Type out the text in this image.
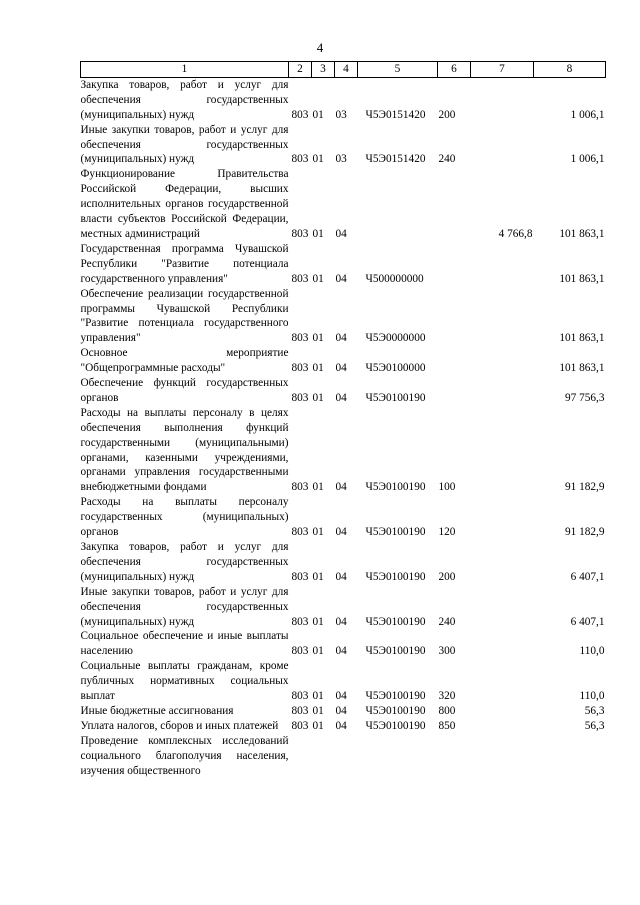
4
1	2	3	4	5	6	7	8
Закупка товаров, работ и услуг для обеспечения государственных (муниципальных) нужд	803	01	03	Ч5Э0151420	200		1 006,1
Иные закупки товаров, работ и услуг для обеспечения государственных (муниципальных) нужд	803	01	03	Ч5Э0151420	240		1 006,1
Функционирование Правительства Российской Федерации, высших исполнительных органов государственной власти субъектов Российской Федерации, местных администраций	803	01	04			4 766,8	101 863,1
Государственная программа Чувашской Республики "Развитие потенциала государственного управления"	803	01	04	Ч500000000			101 863,1
Обеспечение реализации государственной программы Чувашской Республики "Развитие потенциала государственного управления"	803	01	04	Ч5Э0000000			101 863,1
Основное мероприятие "Общепрограммные расходы"	803	01	04	Ч5Э0100000			101 863,1
Обеспечение функций государственных органов	803	01	04	Ч5Э0100190			97 756,3
Расходы на выплаты персоналу в целях обеспечения выполнения функций государственными (муниципальными) органами, казенными учреждениями, органами управления государственными внебюджетными фондами	803	01	04	Ч5Э0100190	100		91 182,9
Расходы на выплаты персоналу государственных (муниципальных) органов	803	01	04	Ч5Э0100190	120		91 182,9
Закупка товаров, работ и услуг для обеспечения государственных (муниципальных) нужд	803	01	04	Ч5Э0100190	200		6 407,1
Иные закупки товаров, работ и услуг для обеспечения государственных (муниципальных) нужд	803	01	04	Ч5Э0100190	240		6 407,1
Социальное обеспечение и иные выплаты населению	803	01	04	Ч5Э0100190	300		110,0
Социальные выплаты гражданам, кроме публичных нормативных социальных выплат	803	01	04	Ч5Э0100190	320		110,0
Иные бюджетные ассигнования	803	01	04	Ч5Э0100190	800		56,3
Уплата налогов, сборов и иных платежей	803	01	04	Ч5Э0100190	850		56,3
Проведение комплексных исследований социального благополучия населения, изучения общественного							
